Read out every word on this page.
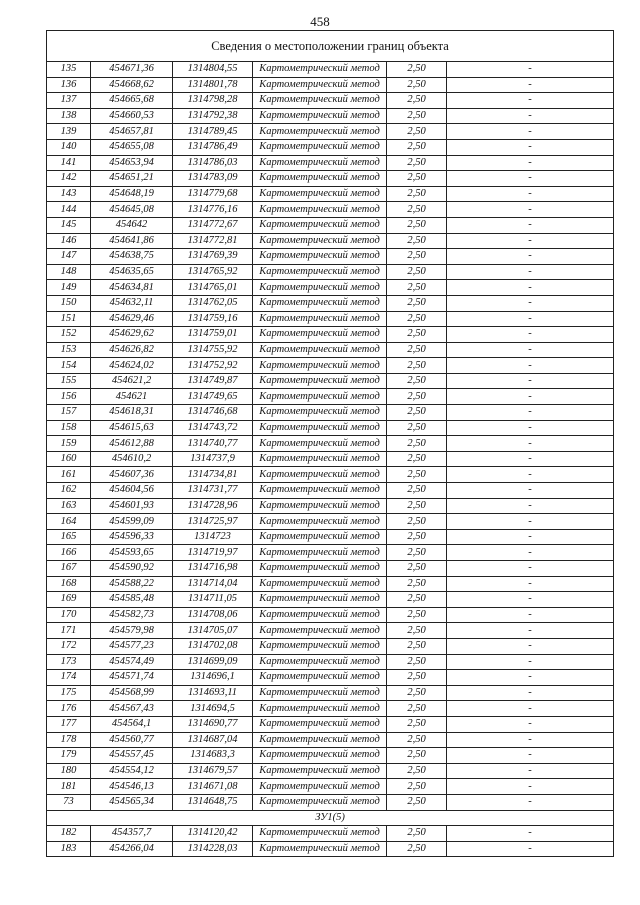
458
Сведения о местоположении границ объекта					
135	454671,36	1314804,55	Картометрический метод	2,50	-
136	454668,62	1314801,78	Картометрический метод	2,50	-
137	454665,68	1314798,28	Картометрический метод	2,50	-
138	454660,53	1314792,38	Картометрический метод	2,50	-
139	454657,81	1314789,45	Картометрический метод	2,50	-
140	454655,08	1314786,49	Картометрический метод	2,50	-
141	454653,94	1314786,03	Картометрический метод	2,50	-
142	454651,21	1314783,09	Картометрический метод	2,50	-
143	454648,19	1314779,68	Картометрический метод	2,50	-
144	454645,08	1314776,16	Картометрический метод	2,50	-
145	454642	1314772,67	Картометрический метод	2,50	-
146	454641,86	1314772,81	Картометрический метод	2,50	-
147	454638,75	1314769,39	Картометрический метод	2,50	-
148	454635,65	1314765,92	Картометрический метод	2,50	-
149	454634,81	1314765,01	Картометрический метод	2,50	-
150	454632,11	1314762,05	Картометрический метод	2,50	-
151	454629,46	1314759,16	Картометрический метод	2,50	-
152	454629,62	1314759,01	Картометрический метод	2,50	-
153	454626,82	1314755,92	Картометрический метод	2,50	-
154	454624,02	1314752,92	Картометрический метод	2,50	-
155	454621,2	1314749,87	Картометрический метод	2,50	-
156	454621	1314749,65	Картометрический метод	2,50	-
157	454618,31	1314746,68	Картометрический метод	2,50	-
158	454615,63	1314743,72	Картометрический метод	2,50	-
159	454612,88	1314740,77	Картометрический метод	2,50	-
160	454610,2	1314737,9	Картометрический метод	2,50	-
161	454607,36	1314734,81	Картометрический метод	2,50	-
162	454604,56	1314731,77	Картометрический метод	2,50	-
163	454601,93	1314728,96	Картометрический метод	2,50	-
164	454599,09	1314725,97	Картометрический метод	2,50	-
165	454596,33	1314723	Картометрический метод	2,50	-
166	454593,65	1314719,97	Картометрический метод	2,50	-
167	454590,92	1314716,98	Картометрический метод	2,50	-
168	454588,22	1314714,04	Картометрический метод	2,50	-
169	454585,48	1314711,05	Картометрический метод	2,50	-
170	454582,73	1314708,06	Картометрический метод	2,50	-
171	454579,98	1314705,07	Картометрический метод	2,50	-
172	454577,23	1314702,08	Картометрический метод	2,50	-
173	454574,49	1314699,09	Картометрический метод	2,50	-
174	454571,74	1314696,1	Картометрический метод	2,50	-
175	454568,99	1314693,11	Картометрический метод	2,50	-
176	454567,43	1314694,5	Картометрический метод	2,50	-
177	454564,1	1314690,77	Картометрический метод	2,50	-
178	454560,77	1314687,04	Картометрический метод	2,50	-
179	454557,45	1314683,3	Картометрический метод	2,50	-
180	454554,12	1314679,57	Картометрический метод	2,50	-
181	454546,13	1314671,08	Картометрический метод	2,50	-
73	454565,34	1314648,75	Картометрический метод	2,50	-
ЗУ1(5)					
182	454357,7	1314120,42	Картометрический метод	2,50	-
183	454266,04	1314228,03	Картометрический метод	2,50	-
